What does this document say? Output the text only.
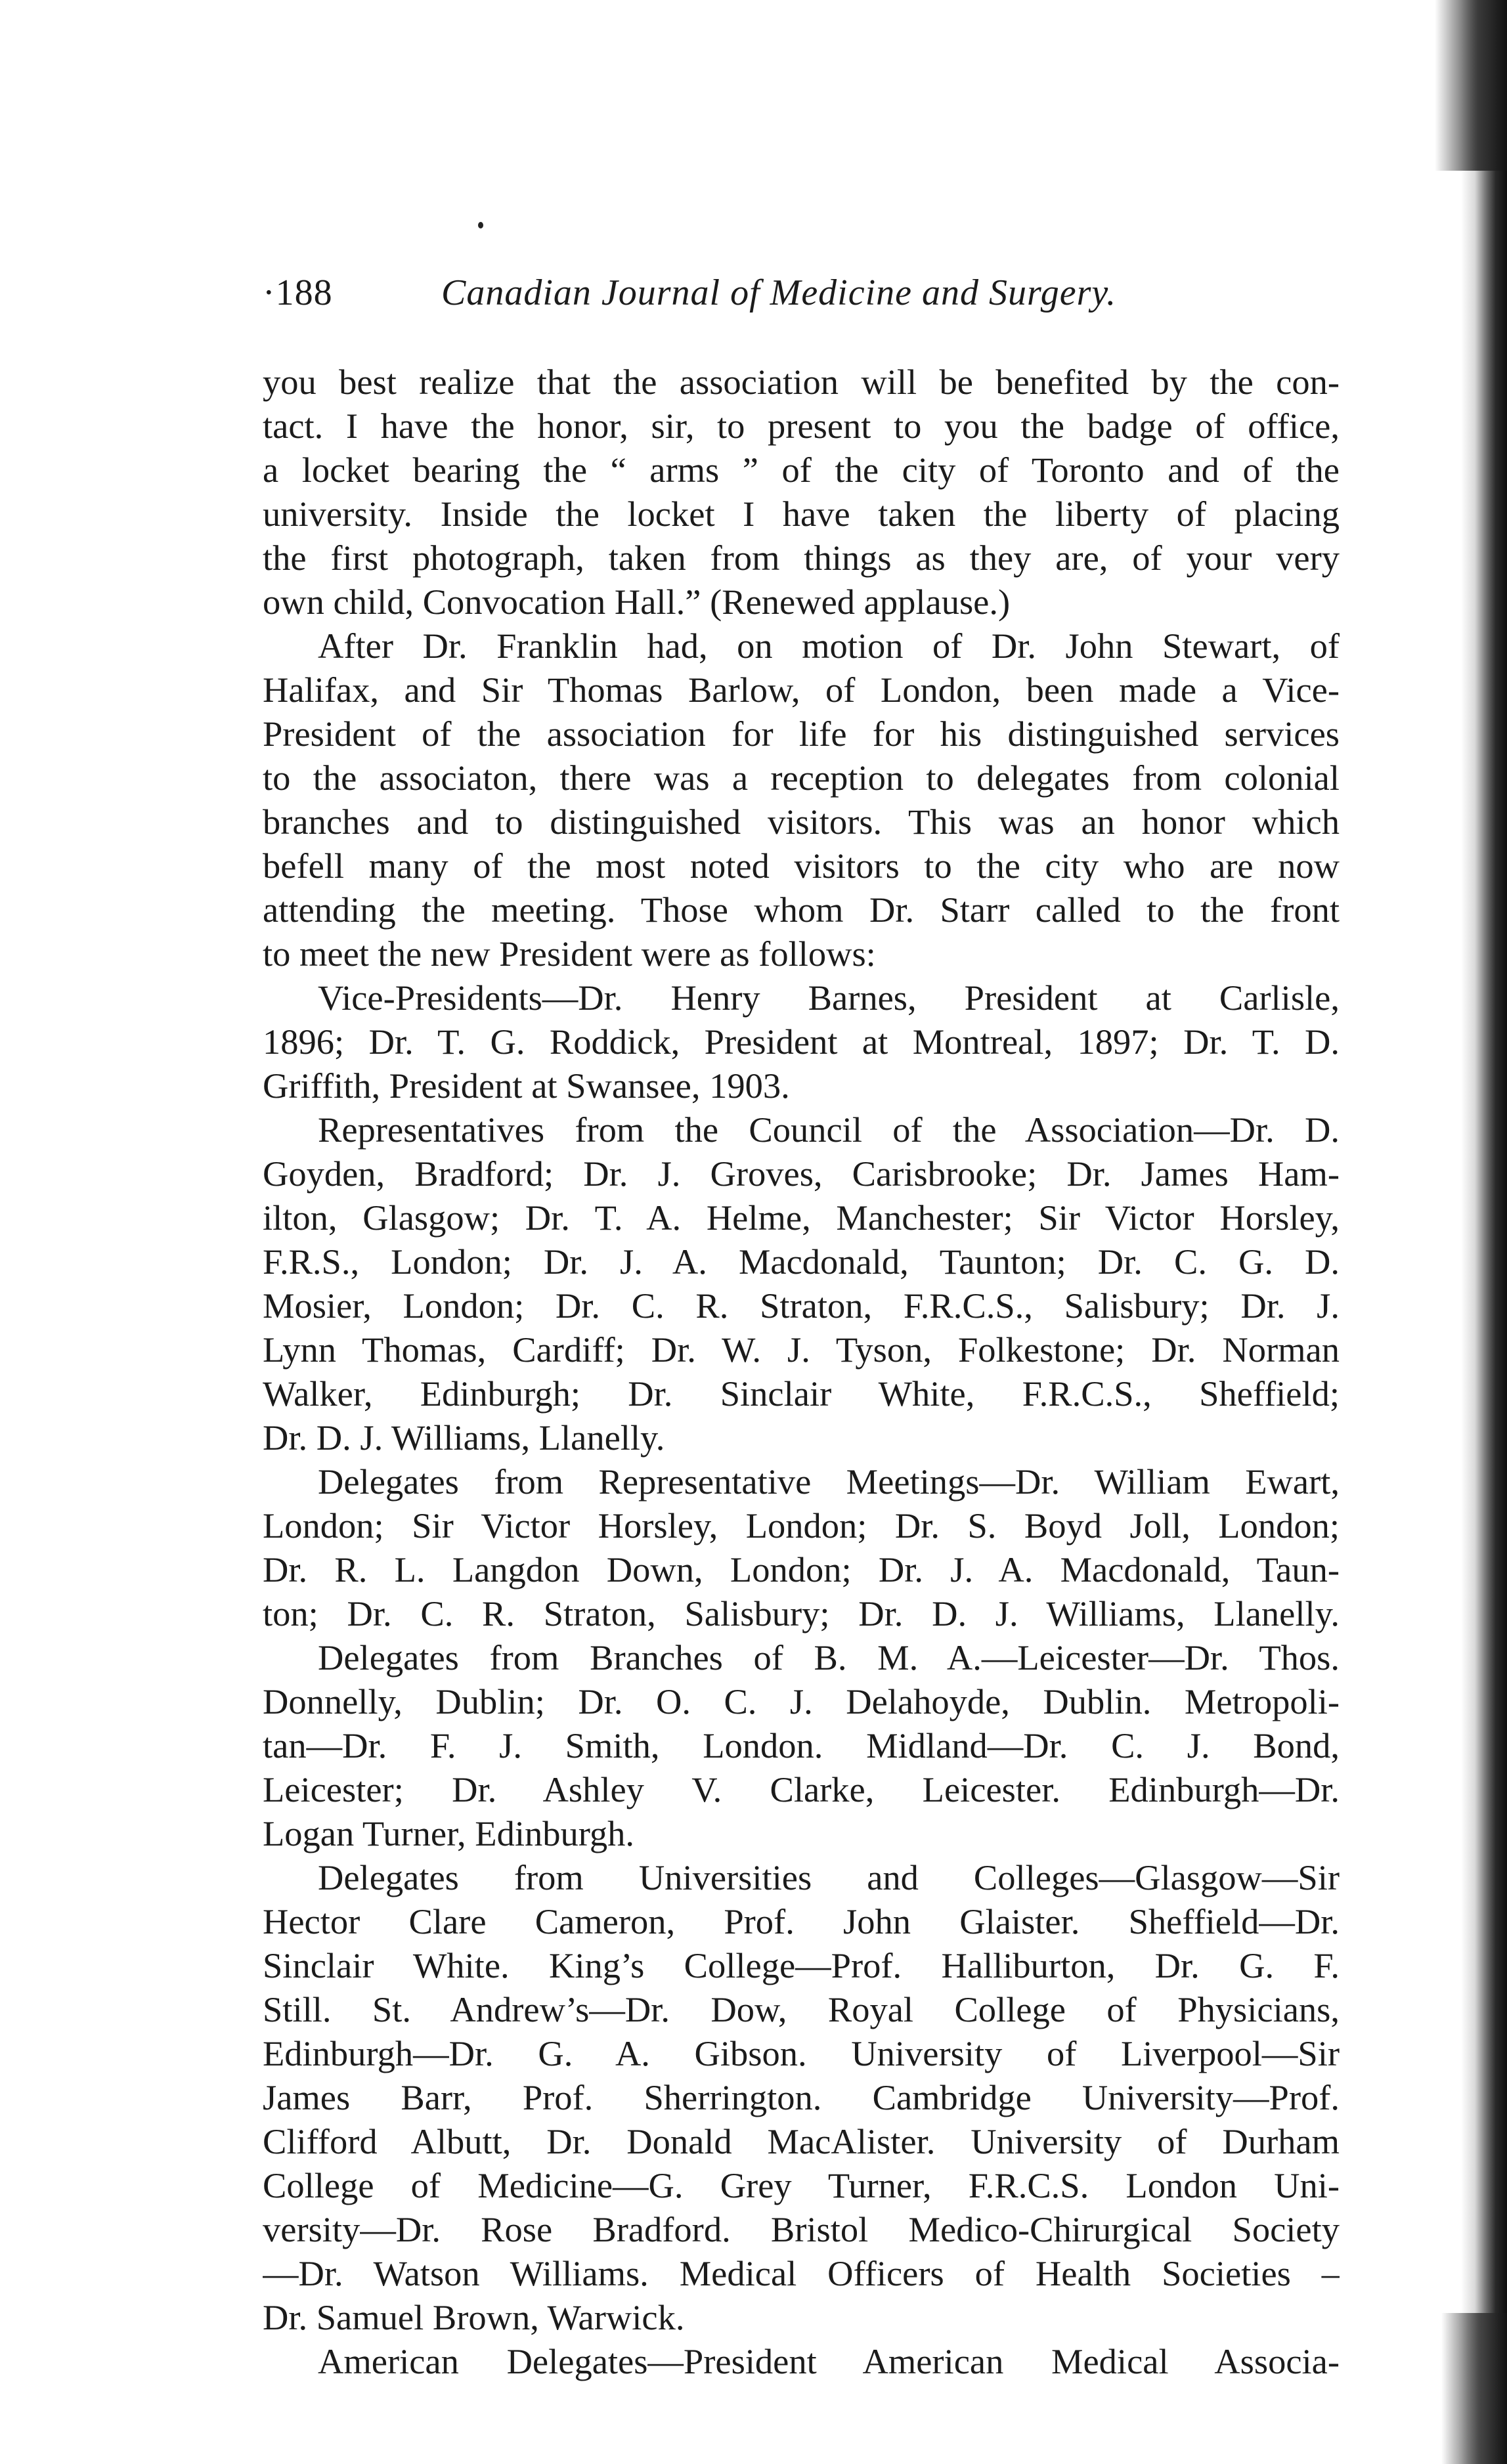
·188	Canadian Journal of Medicine and Surgery.
you best realize that the association will be benefited by the con-
tact. I have the honor, sir, to present to you the badge of office,
a locket bearing the “ arms ” of the city of Toronto and of the
university. Inside the locket I have taken the liberty of placing
the first photograph, taken from things as they are, of your very
own child, Convocation Hall.” (Renewed applause.)
After Dr. Franklin had, on motion of Dr. John Stewart, of
Halifax, and Sir Thomas Barlow, of London, been made a Vice-
President of the association for life for his distinguished services
to the associaton, there was a reception to delegates from colonial
branches and to distinguished visitors. This was an honor which
befell many of the most noted visitors to the city who are now
attending the meeting. Those whom Dr. Starr called to the front
to meet the new President were as follows:
Vice-Presidents—Dr. Henry Barnes, President at Carlisle,
1896; Dr. T. G. Roddick, President at Montreal, 1897; Dr. T. D.
Griffith, President at Swansee, 1903.
Representatives from the Council of the Association—Dr. D.
Goyden, Bradford; Dr. J. Groves, Carisbrooke; Dr. James Ham-
ilton, Glasgow; Dr. T. A. Helme, Manchester; Sir Victor Horsley,
F.R.S., London; Dr. J. A. Macdonald, Taunton; Dr. C. G. D.
Mosier, London; Dr. C. R. Straton, F.R.C.S., Salisbury; Dr. J.
Lynn Thomas, Cardiff; Dr. W. J. Tyson, Folkestone; Dr. Norman
Walker, Edinburgh; Dr. Sinclair White, F.R.C.S., Sheffield;
Dr. D. J. Williams, Llanelly.
Delegates from Representative Meetings—Dr. William Ewart,
London; Sir Victor Horsley, London; Dr. S. Boyd Joll, London;
Dr. R. L. Langdon Down, London; Dr. J. A. Macdonald, Taun-
ton; Dr. C. R. Straton, Salisbury; Dr. D. J. Williams, Llanelly.
Delegates from Branches of B. M. A.—Leicester—Dr. Thos.
Donnelly, Dublin; Dr. O. C. J. Delahoyde, Dublin. Metropoli-
tan—Dr. F. J. Smith, London. Midland—Dr. C. J. Bond,
Leicester; Dr. Ashley V. Clarke, Leicester. Edinburgh—Dr.
Logan Turner, Edinburgh.
Delegates from Universities and Colleges—Glasgow—Sir
Hector Clare Cameron, Prof. John Glaister. Sheffield—Dr.
Sinclair White. King’s College—Prof. Halliburton, Dr. G. F.
Still. St. Andrew’s—Dr. Dow, Royal College of Physicians,
Edinburgh—Dr. G. A. Gibson. University of Liverpool—Sir
James Barr, Prof. Sherrington. Cambridge University—Prof.
Clifford Albutt, Dr. Donald MacAlister. University of Durham
College of Medicine—G. Grey Turner, F.R.C.S. London Uni-
versity—Dr. Rose Bradford. Bristol Medico-Chirurgical Society
—Dr. Watson Williams. Medical Officers of Health Societies –
Dr. Samuel Brown, Warwick.
American Delegates—President American Medical Associa-
